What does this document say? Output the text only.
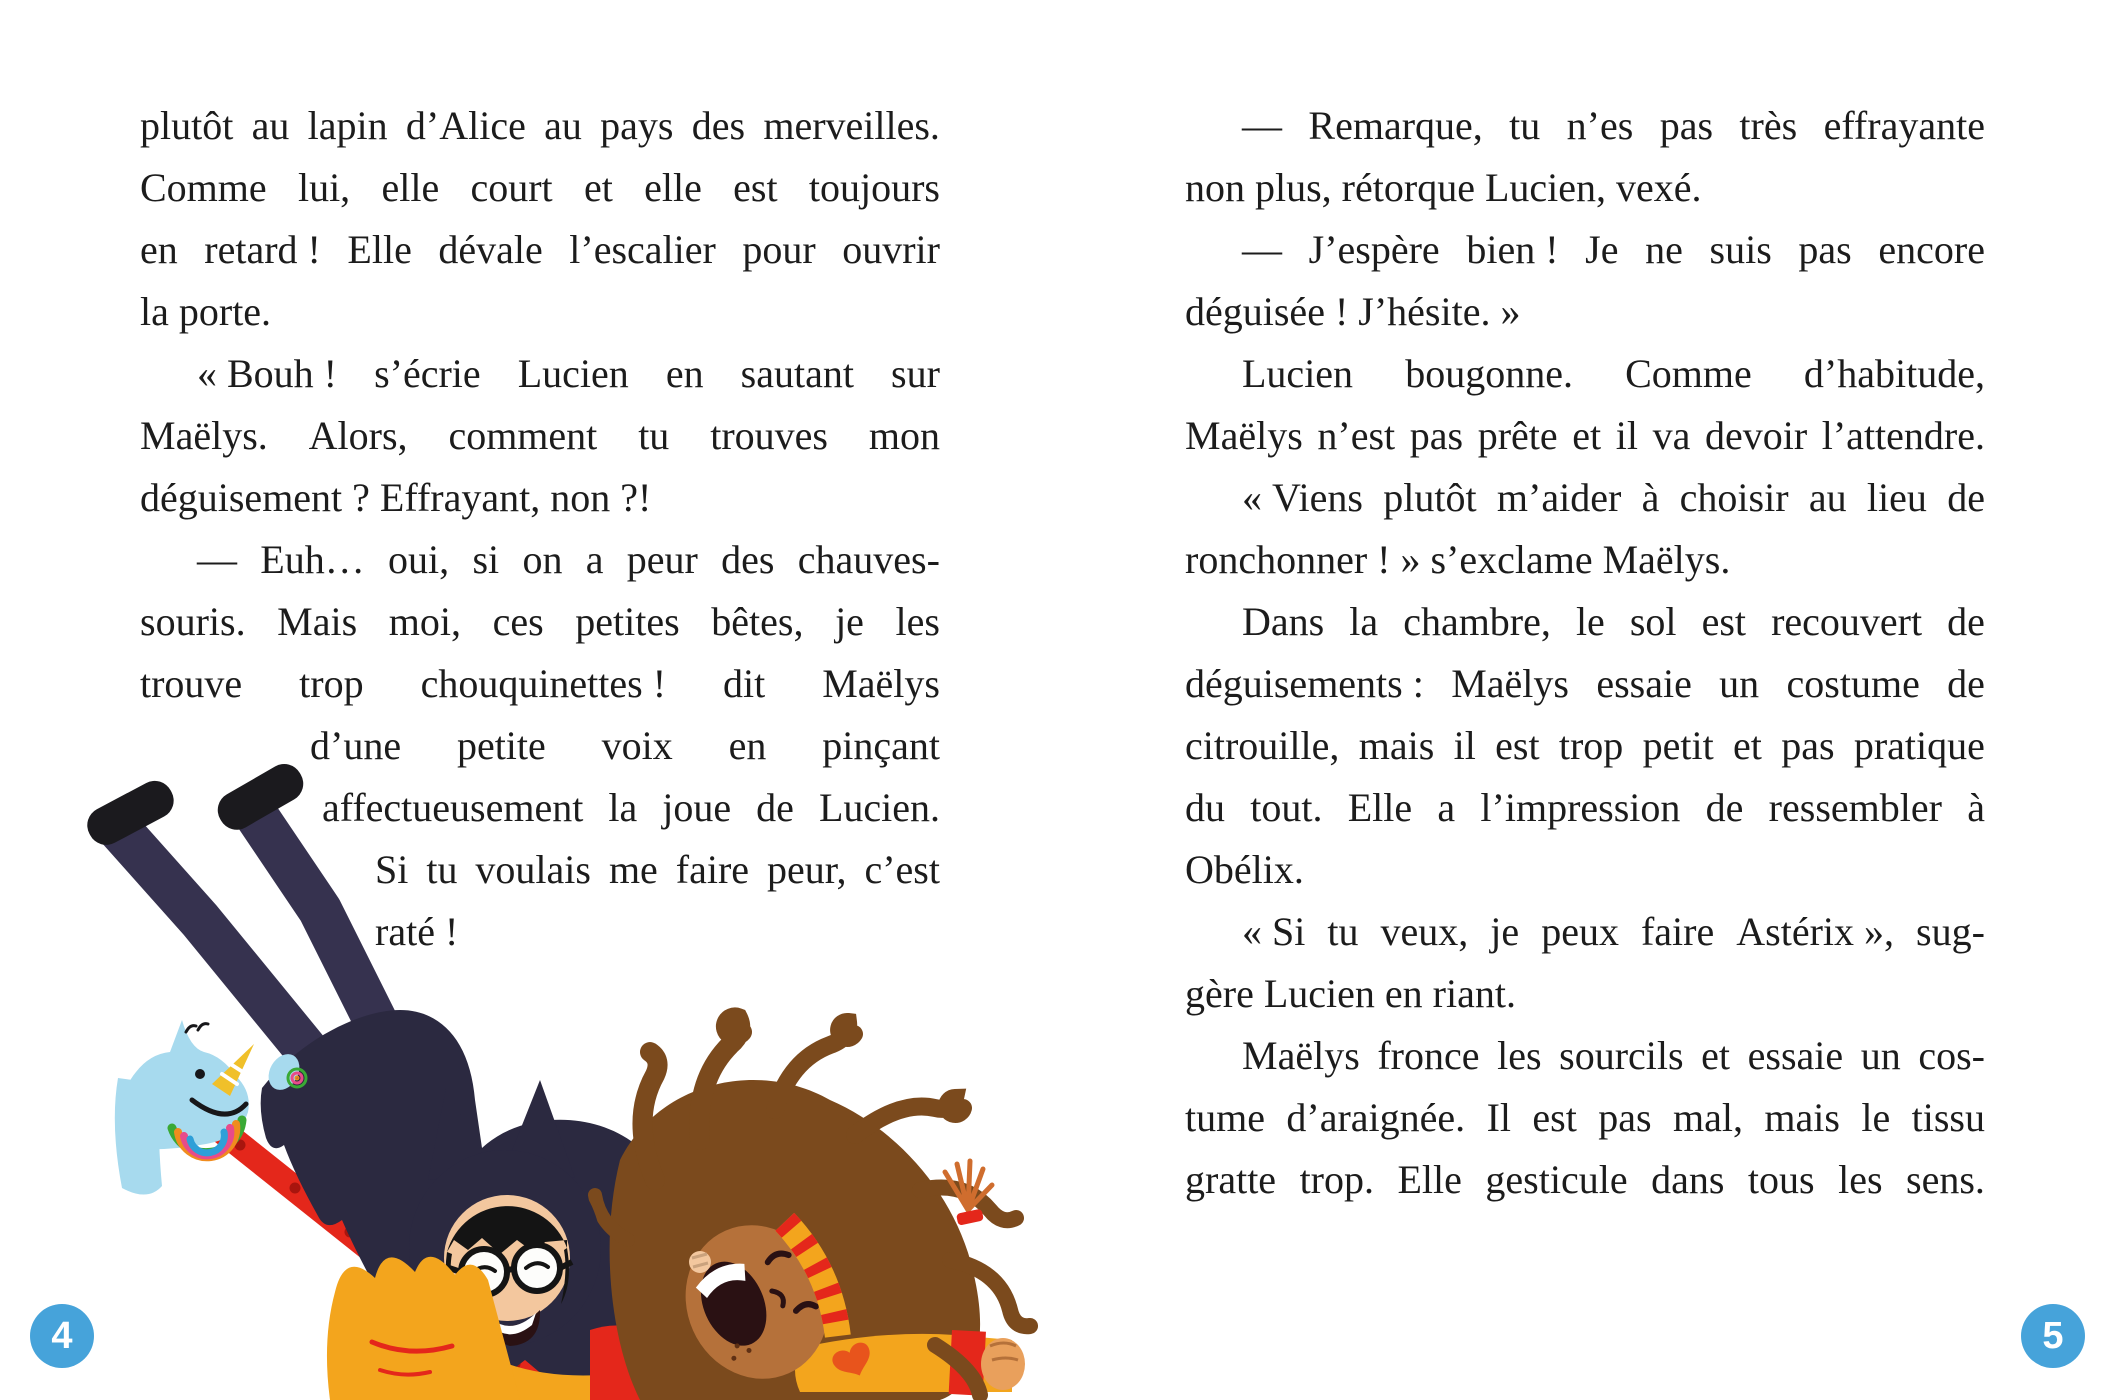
plutôt au lapin d’Alice au pays des merveilles.
Comme lui, elle court et elle est toujours
en retard ! Elle dévale l’escalier pour ouvrir
la porte.
« Bouh ! s’écrie Lucien en sautant sur
Maëlys. Alors, comment tu trouves mon
déguisement ? Effrayant, non ?!
— Euh… oui, si on a peur des chauves-
souris. Mais moi, ces petites bêtes, je les
trouve trop chouquinettes ! dit Maëlys
d’une petite voix en pinçant
affectueusement la joue de Lucien.
Si tu voulais me faire peur, c’est
raté !
— Remarque, tu n’es pas très effrayante
non plus, rétorque Lucien, vexé.
— J’espère bien ! Je ne suis pas encore
déguisée ! J’hésite. »
Lucien bougonne. Comme d’habitude,
Maëlys n’est pas prête et il va devoir l’attendre.
« Viens plutôt m’aider à choisir au lieu de
ronchonner ! » s’exclame Maëlys.
Dans la chambre, le sol est recouvert de
déguisements : Maëlys essaie un costume de
citrouille, mais il est trop petit et pas pratique
du tout. Elle a l’impression de ressembler à
Obélix.
« Si tu veux, je peux faire Astérix », sug-
gère Lucien en riant.
Maëlys fronce les sourcils et essaie un cos-
tume d’araignée. Il est pas mal, mais le tissu
gratte trop. Elle gesticule dans tous les sens.
4	5
